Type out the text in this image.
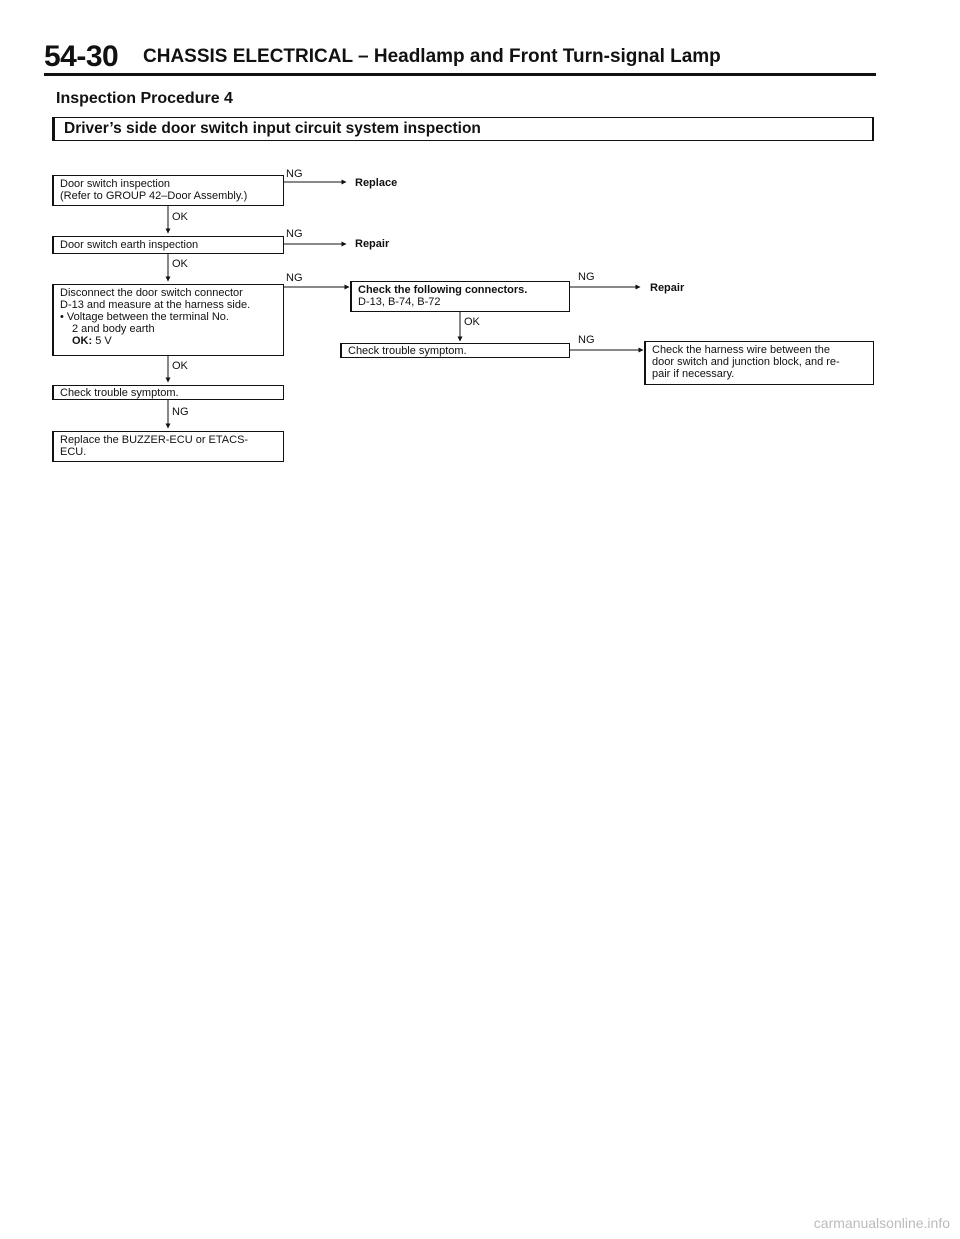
54-30 CHASSIS ELECTRICAL – Headlamp and Front Turn-signal Lamp
Inspection Procedure 4
Driver’s side door switch input circuit system inspection
Door switch inspection
(Refer to GROUP 42–Door Assembly.)
NG
Replace
OK
Door switch earth inspection
NG
Repair
OK
Disconnect the door switch connector
D-13 and measure at the harness side.
• Voltage between the terminal No.
2 and body earth
OK: 5 V
NG
OK
Check trouble symptom.
NG
Replace the BUZZER-ECU or ETACS-
ECU.
Check the following connectors.
D-13, B-74, B-72
NG
Repair
OK
Check trouble symptom.
NG
Check the harness wire between the
door switch and junction block, and re-
pair if necessary.
carmanualsonline.info
